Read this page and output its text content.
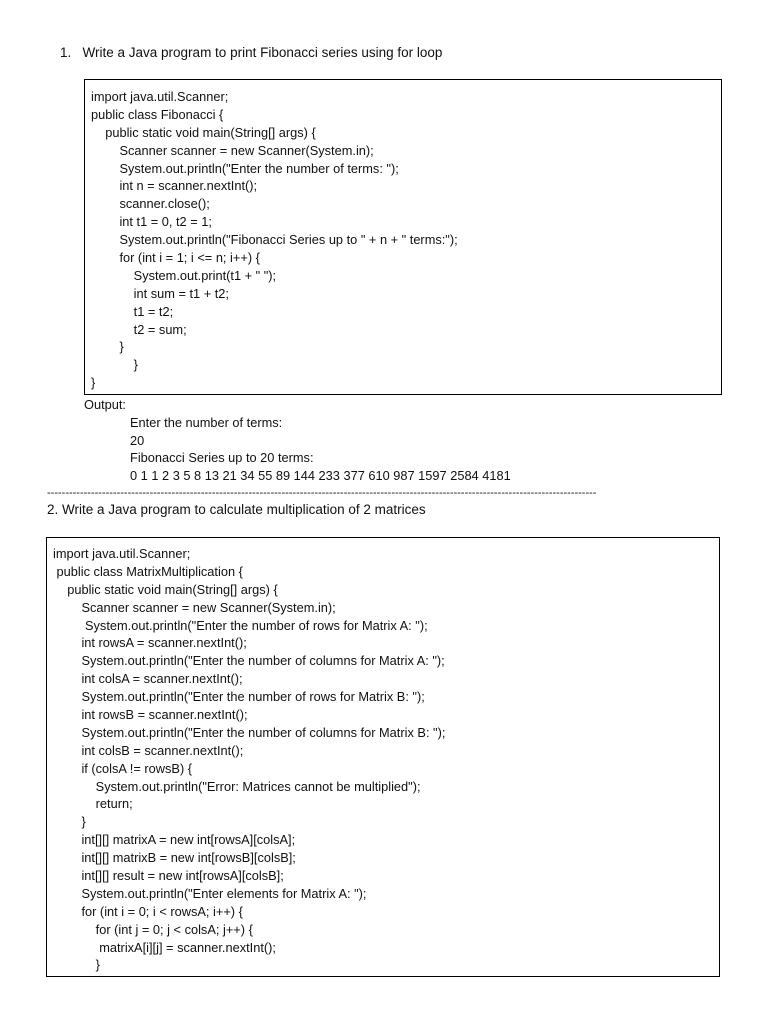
1.   Write a Java program to print Fibonacci series using for loop
import java.util.Scanner;
public class Fibonacci {
public static void main(String[] args) {
Scanner scanner = new Scanner(System.in);
System.out.println("Enter the number of terms: ");
int n = scanner.nextInt();
scanner.close();
int t1 = 0, t2 = 1;
System.out.println("Fibonacci Series up to " + n + " terms:");
for (int i = 1; i <= n; i++) {
System.out.print(t1 + " ");
int sum = t1 + t2;
t1 = t2;
t2 = sum;
}
}
}
Output:
Enter the number of terms:
20
Fibonacci Series up to 20 terms:
0 1 1 2 3 5 8 13 21 34 55 89 144 233 377 610 987 1597 2584 4181
------------------------------------------------------------------------------------------------------------------------------------------------------
2. Write a Java program to calculate multiplication of 2 matrices
import java.util.Scanner;
public class MatrixMultiplication {
public static void main(String[] args) {
Scanner scanner = new Scanner(System.in);
System.out.println("Enter the number of rows for Matrix A: ");
int rowsA = scanner.nextInt();
System.out.println("Enter the number of columns for Matrix A: ");
int colsA = scanner.nextInt();
System.out.println("Enter the number of rows for Matrix B: ");
int rowsB = scanner.nextInt();
System.out.println("Enter the number of columns for Matrix B: ");
int colsB = scanner.nextInt();
if (colsA != rowsB) {
System.out.println("Error: Matrices cannot be multiplied");
return;
}
int[][] matrixA = new int[rowsA][colsA];
int[][] matrixB = new int[rowsB][colsB];
int[][] result = new int[rowsA][colsB];
System.out.println("Enter elements for Matrix A: ");
for (int i = 0; i < rowsA; i++) {
for (int j = 0; j < colsA; j++) {
matrixA[i][j] = scanner.nextInt();
}
